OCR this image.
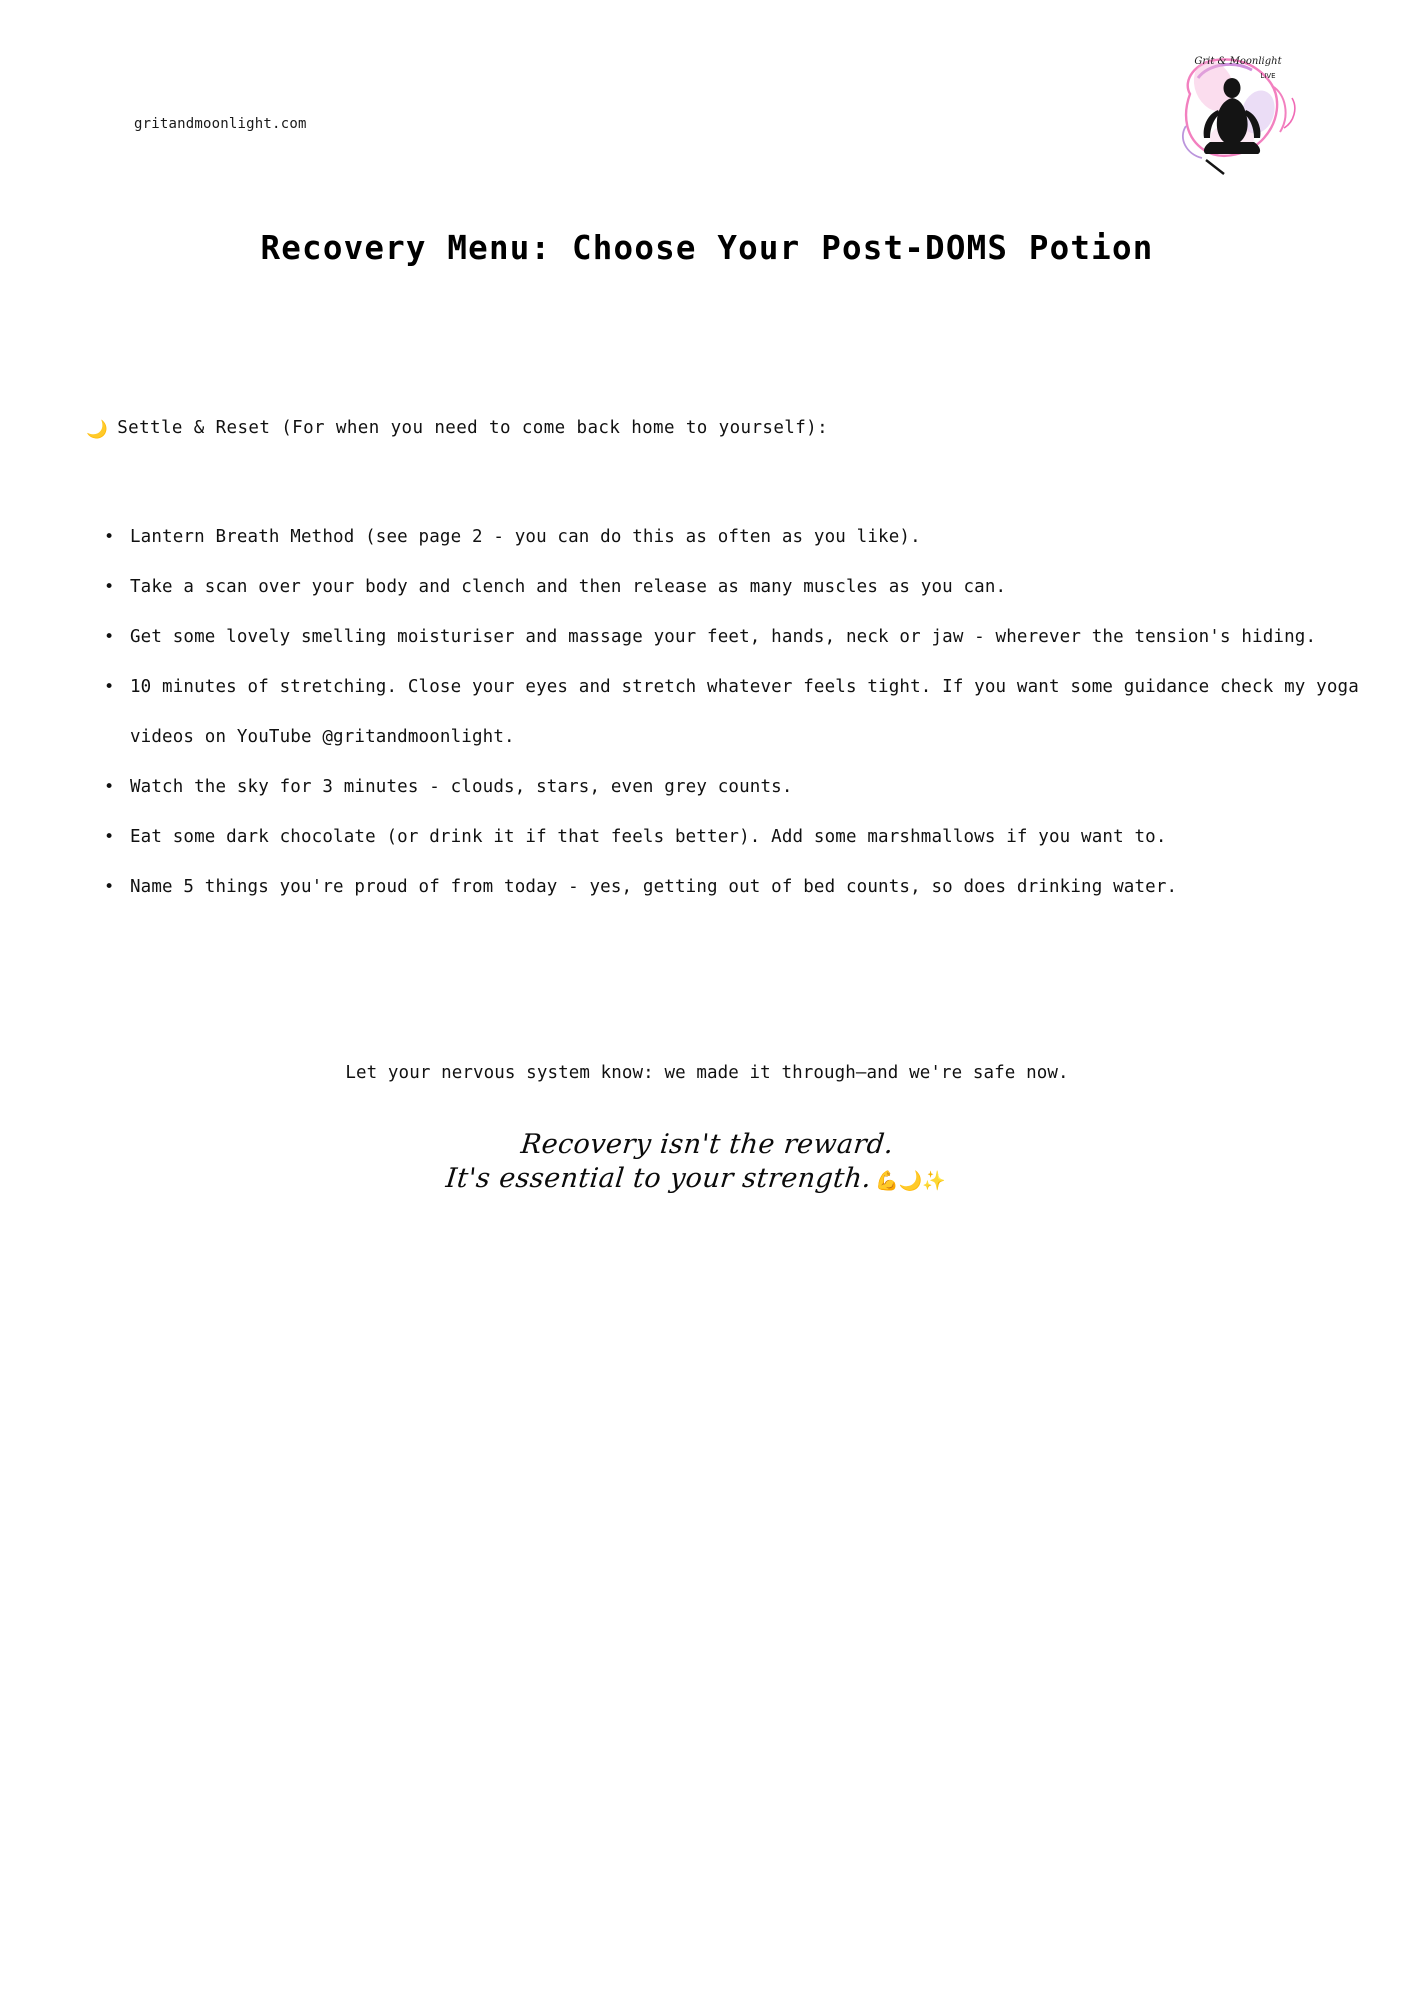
gritandmoonlight.com
Grit & Moonlight
LIVE
Recovery Menu: Choose Your Post-DOMS Potion
🌙 Settle & Reset (For when you need to come back home to yourself):
• Lantern Breath Method (see page 2 - you can do this as often as you like).
• Take a scan over your body and clench and then release as many muscles as you can.
• Get some lovely smelling moisturiser and massage your feet, hands, neck or jaw - wherever the tension's hiding.
• 10 minutes of stretching. Close your eyes and stretch whatever feels tight. If you want some guidance check my yoga videos on YouTube @gritandmoonlight.
• Watch the sky for 3 minutes - clouds, stars, even grey counts.
• Eat some dark chocolate (or drink it if that feels better). Add some marshmallows if you want to.
• Name 5 things you're proud of from today - yes, getting out of bed counts, so does drinking water.
Let your nervous system know: we made it through—and we're safe now.
Recovery isn't the reward.
It's essential to your strength. 💪🌙✨
